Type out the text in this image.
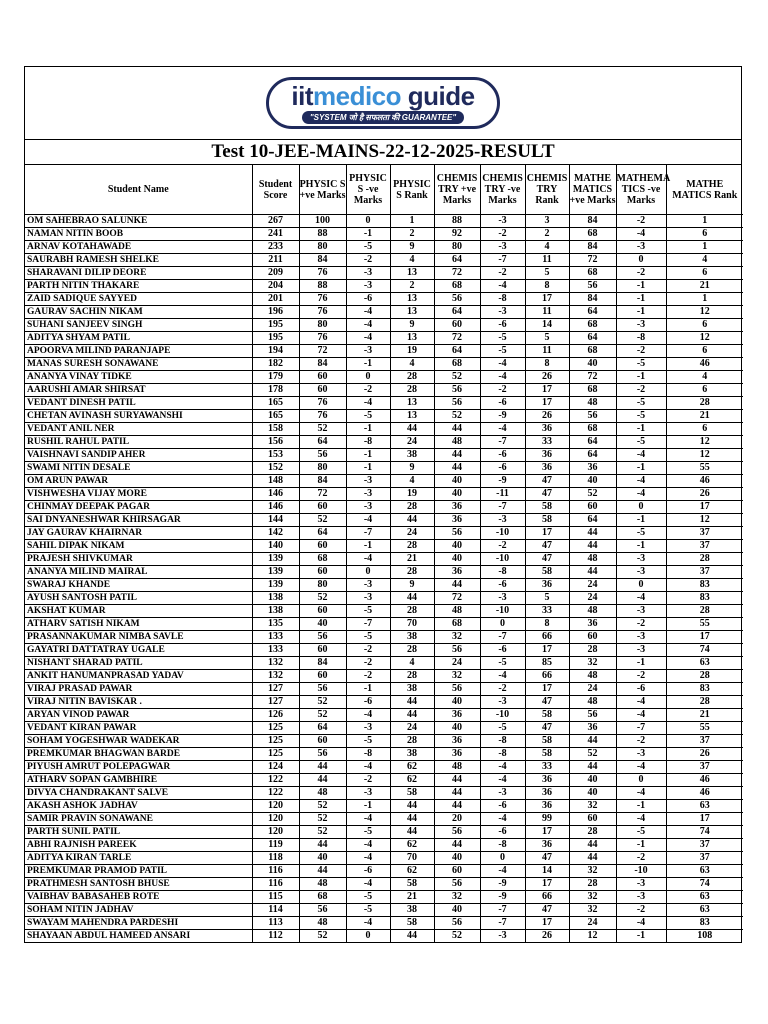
iitmedico guide
"SYSTEM जो है सफलता की GUARANTEE"
Test 10-JEE-MAINS-22-12-2025-RESULT
Student Name	Student Score	PHYSIC S +ve Marks	PHYSIC S -ve Marks	PHYSIC S Rank	CHEMIS TRY +ve Marks	CHEMIS TRY -ve Marks	CHEMIS TRY Rank	MATHE MATICS +ve Marks	MATHEMA TICS -ve Marks	MATHE MATICS Rank
OM SAHEBRAO SALUNKE	267	100	0	1	88	-3	3	84	-2	1
NAMAN NITIN BOOB	241	88	-1	2	92	-2	2	68	-4	6
ARNAV KOTAHAWADE	233	80	-5	9	80	-3	4	84	-3	1
SAURABH RAMESH SHELKE	211	84	-2	4	64	-7	11	72	0	4
SHARAVANI DILIP DEORE	209	76	-3	13	72	-2	5	68	-2	6
PARTH NITIN THAKARE	204	88	-3	2	68	-4	8	56	-1	21
ZAID SADIQUE SAYYED	201	76	-6	13	56	-8	17	84	-1	1
GAURAV SACHIN NIKAM	196	76	-4	13	64	-3	11	64	-1	12
SUHANI SANJEEV SINGH	195	80	-4	9	60	-6	14	68	-3	6
ADITYA SHYAM PATIL	195	76	-4	13	72	-5	5	64	-8	12
APOORVA MILIND PARANJAPE	194	72	-3	19	64	-5	11	68	-2	6
MANAS SURESH SONAWANE	182	84	-1	4	68	-4	8	40	-5	46
ANANYA VINAY TIDKE	179	60	0	28	52	-4	26	72	-1	4
AARUSHI AMAR SHIRSAT	178	60	-2	28	56	-2	17	68	-2	6
VEDANT DINESH PATIL	165	76	-4	13	56	-6	17	48	-5	28
CHETAN AVINASH SURYAWANSHI	165	76	-5	13	52	-9	26	56	-5	21
VEDANT ANIL NER	158	52	-1	44	44	-4	36	68	-1	6
RUSHIL RAHUL PATIL	156	64	-8	24	48	-7	33	64	-5	12
VAISHNAVI SANDIP AHER	153	56	-1	38	44	-6	36	64	-4	12
SWAMI NITIN DESALE	152	80	-1	9	44	-6	36	36	-1	55
OM ARUN PAWAR	148	84	-3	4	40	-9	47	40	-4	46
VISHWESHA VIJAY MORE	146	72	-3	19	40	-11	47	52	-4	26
CHINMAY DEEPAK PAGAR	146	60	-3	28	36	-7	58	60	0	17
SAI DNYANESHWAR KHIRSAGAR	144	52	-4	44	36	-3	58	64	-1	12
JAY GAURAV KHAIRNAR	142	64	-7	24	56	-10	17	44	-5	37
SAHIL DIPAK NIKAM	140	60	-1	28	40	-2	47	44	-1	37
PRAJESH SHIVKUMAR	139	68	-4	21	40	-10	47	48	-3	28
ANANYA MILIND MAIRAL	139	60	0	28	36	-8	58	44	-3	37
SWARAJ KHANDE	139	80	-3	9	44	-6	36	24	0	83
AYUSH SANTOSH PATIL	138	52	-3	44	72	-3	5	24	-4	83
AKSHAT KUMAR	138	60	-5	28	48	-10	33	48	-3	28
ATHARV SATISH NIKAM	135	40	-7	70	68	0	8	36	-2	55
PRASANNAKUMAR NIMBA SAVLE	133	56	-5	38	32	-7	66	60	-3	17
GAYATRI DATTATRAY UGALE	133	60	-2	28	56	-6	17	28	-3	74
NISHANT SHARAD PATIL	132	84	-2	4	24	-5	85	32	-1	63
ANKIT HANUMANPRASAD YADAV	132	60	-2	28	32	-4	66	48	-2	28
VIRAJ PRASAD PAWAR	127	56	-1	38	56	-2	17	24	-6	83
VIRAJ NITIN BAVISKAR .	127	52	-6	44	40	-3	47	48	-4	28
ARYAN VINOD PAWAR	126	52	-4	44	36	-10	58	56	-4	21
VEDANT KIRAN PAWAR	125	64	-3	24	40	-5	47	36	-7	55
SOHAM YOGESHWAR WADEKAR	125	60	-5	28	36	-8	58	44	-2	37
PREMKUMAR BHAGWAN BARDE	125	56	-8	38	36	-8	58	52	-3	26
PIYUSH AMRUT POLEPAGWAR	124	44	-4	62	48	-4	33	44	-4	37
ATHARV SOPAN GAMBHIRE	122	44	-2	62	44	-4	36	40	0	46
DIVYA CHANDRAKANT SALVE	122	48	-3	58	44	-3	36	40	-4	46
AKASH ASHOK JADHAV	120	52	-1	44	44	-6	36	32	-1	63
SAMIR PRAVIN SONAWANE	120	52	-4	44	20	-4	99	60	-4	17
PARTH SUNIL PATIL	120	52	-5	44	56	-6	17	28	-5	74
ABHI RAJNISH PAREEK	119	44	-4	62	44	-8	36	44	-1	37
ADITYA KIRAN TARLE	118	40	-4	70	40	0	47	44	-2	37
PREMKUMAR PRAMOD PATIL	116	44	-6	62	60	-4	14	32	-10	63
PRATHMESH SANTOSH BHUSE	116	48	-4	58	56	-9	17	28	-3	74
VAIBHAV BABASAHEB ROTE	115	68	-5	21	32	-9	66	32	-3	63
SOHAM NITIN JADHAV	114	56	-5	38	40	-7	47	32	-2	63
SWAYAM MAHENDRA PARDESHI	113	48	-4	58	56	-7	17	24	-4	83
SHAYAAN ABDUL HAMEED ANSARI	112	52	0	44	52	-3	26	12	-1	108
